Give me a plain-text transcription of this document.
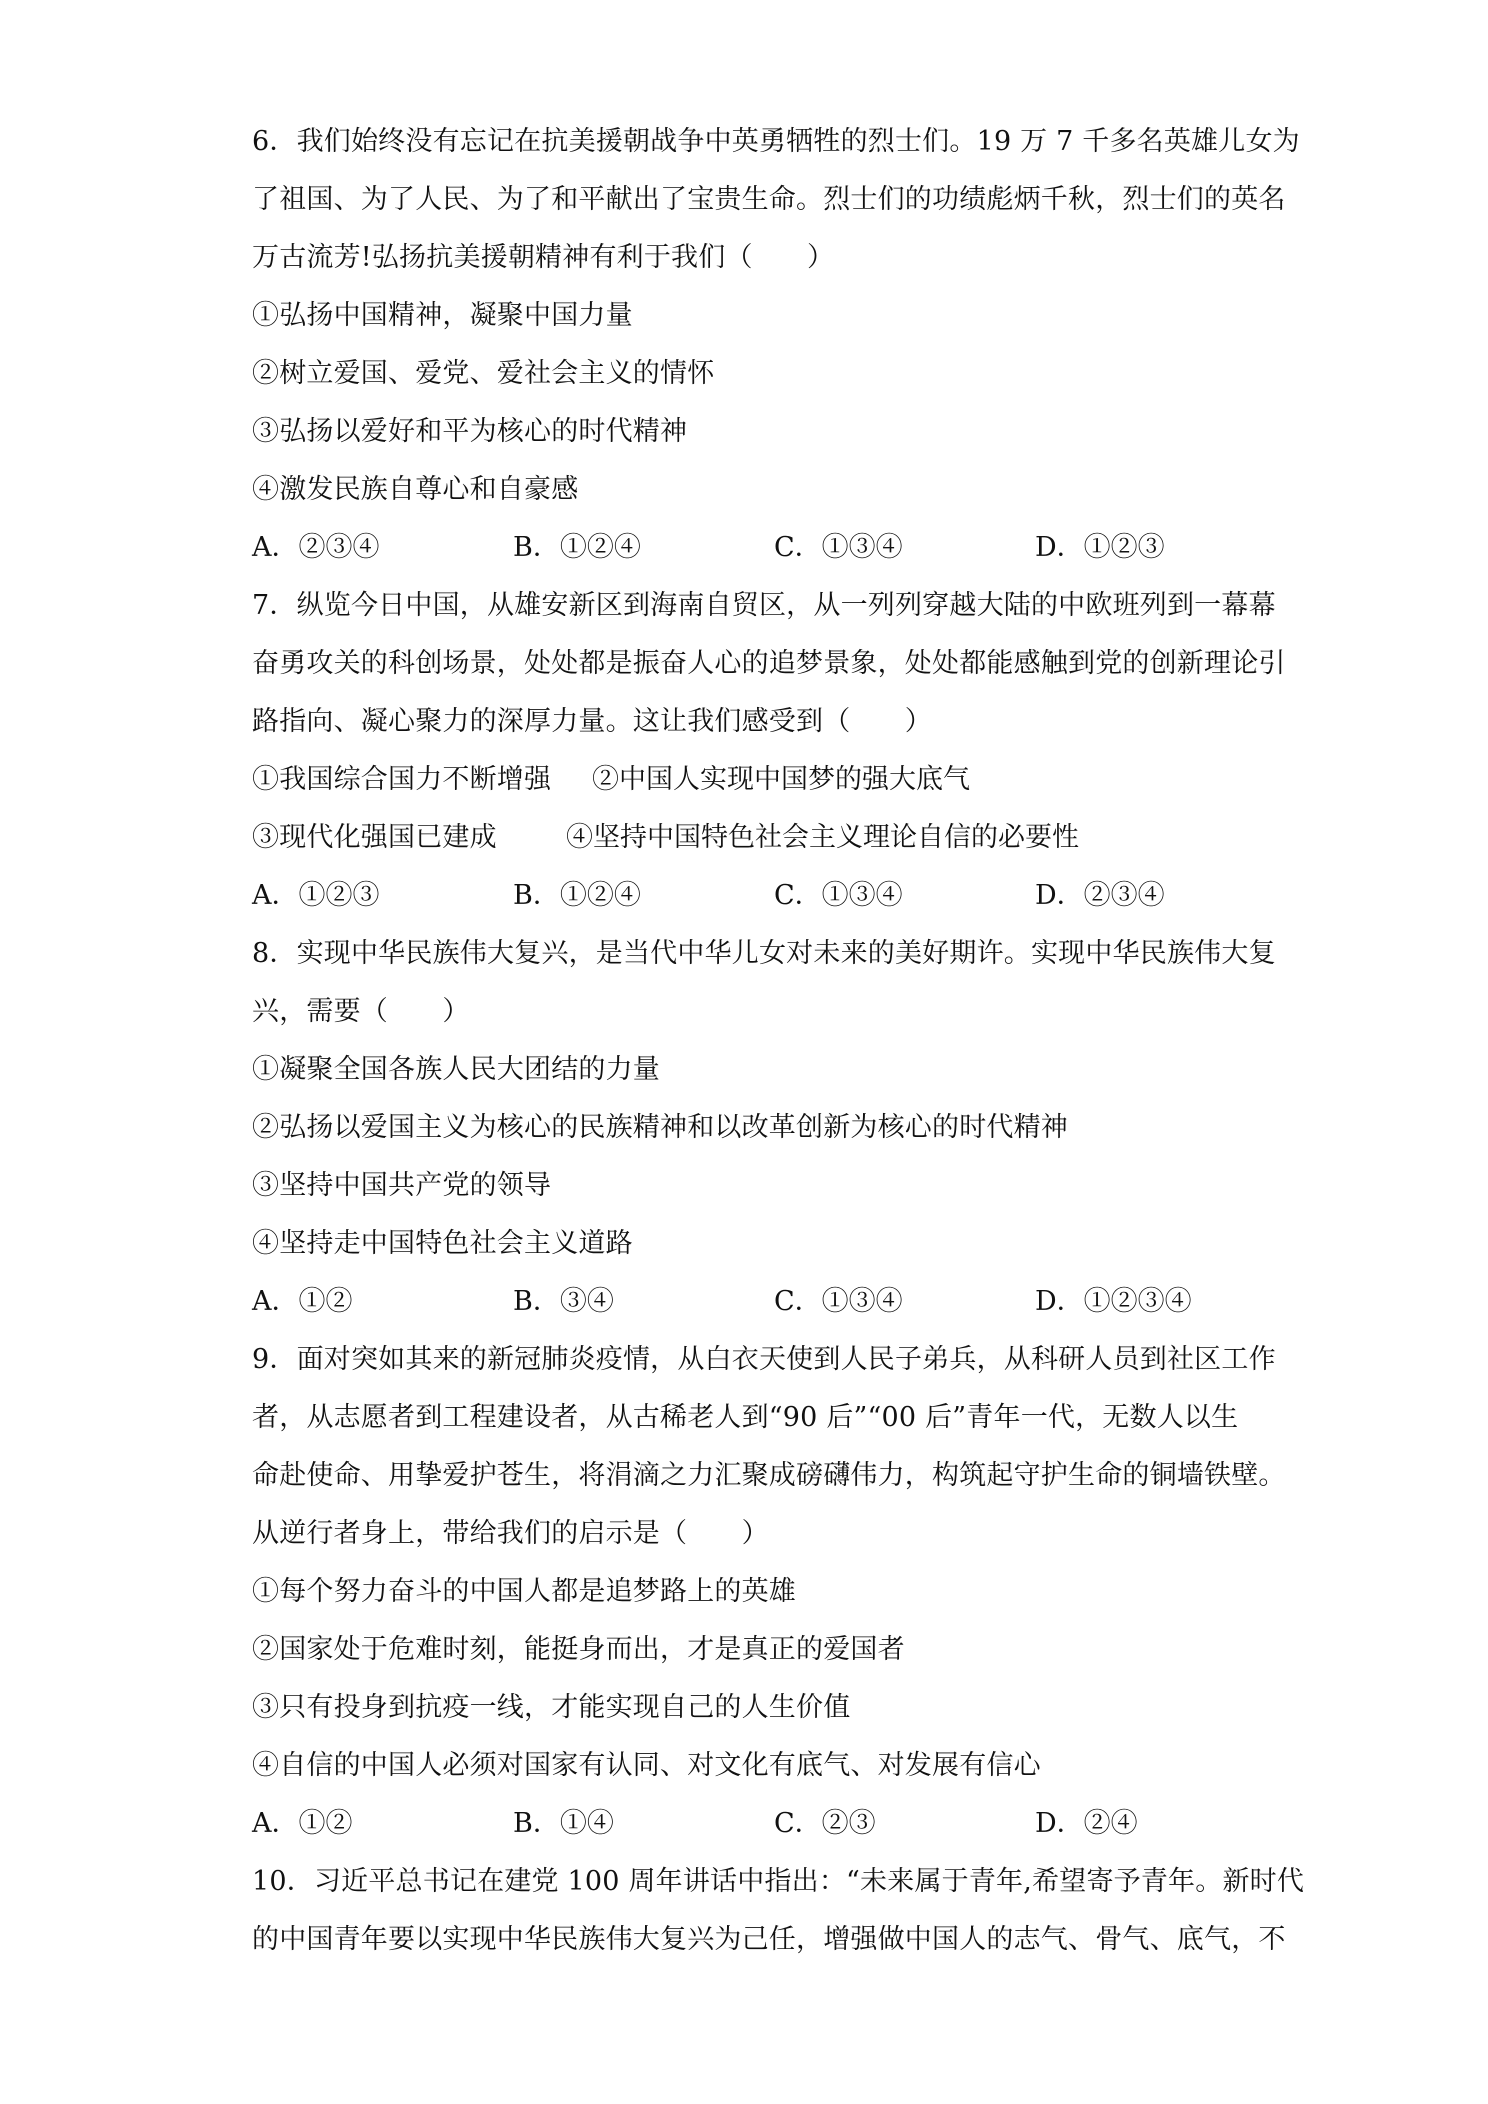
6．我们始终没有忘记在抗美援朝战争中英勇牺牲的烈士们。19 万 7 千多名英雄儿女为
了祖国、为了人民、为了和平献出了宝贵生命。烈士们的功绩彪炳千秋，烈士们的英名
万古流芳!弘扬抗美援朝精神有利于我们（　　）
①弘扬中国精神，凝聚中国力量
②树立爱国、爱党、爱社会主义的情怀
③弘扬以爱好和平为核心的时代精神
④激发民族自尊心和自豪感
A．②③④	B．①②④	C．①③④	D．①②③
7．纵览今日中国，从雄安新区到海南自贸区，从一列列穿越大陆的中欧班列到一幕幕
奋勇攻关的科创场景，处处都是振奋人心的追梦景象，处处都能感触到党的创新理论引
路指向、凝心聚力的深厚力量。这让我们感受到（　　）
①我国综合国力不断增强 ②中国人实现中国梦的强大底气
③现代化强国已建成	④坚持中国特色社会主义理论自信的必要性
A．①②③	B．①②④	C．①③④	D．②③④
8．实现中华民族伟大复兴，是当代中华儿女对未来的美好期许。实现中华民族伟大复
兴，需要（　　）
①凝聚全国各族人民大团结的力量
②弘扬以爱国主义为核心的民族精神和以改革创新为核心的时代精神
③坚持中国共产党的领导
④坚持走中国特色社会主义道路
A．①②	B．③④	C．①③④	D．①②③④
9．面对突如其来的新冠肺炎疫情，从白衣天使到人民子弟兵，从科研人员到社区工作
者，从志愿者到工程建设者，从古稀老人到“90 后”“00 后”青年一代，无数人以生
命赴使命、用挚爱护苍生，将涓滴之力汇聚成磅礴伟力，构筑起守护生命的铜墙铁壁。
从逆行者身上，带给我们的启示是（　　）
①每个努力奋斗的中国人都是追梦路上的英雄
②国家处于危难时刻，能挺身而出，才是真正的爱国者
③只有投身到抗疫一线，才能实现自己的人生价值
④自信的中国人必须对国家有认同、对文化有底气、对发展有信心
A．①②	B．①④	C．②③	D．②④
10．习近平总书记在建党 100 周年讲话中指出：“未来属于青年,希望寄予青年。新时代
的中国青年要以实现中华民族伟大复兴为己任，增强做中国人的志气、骨气、底气，不
